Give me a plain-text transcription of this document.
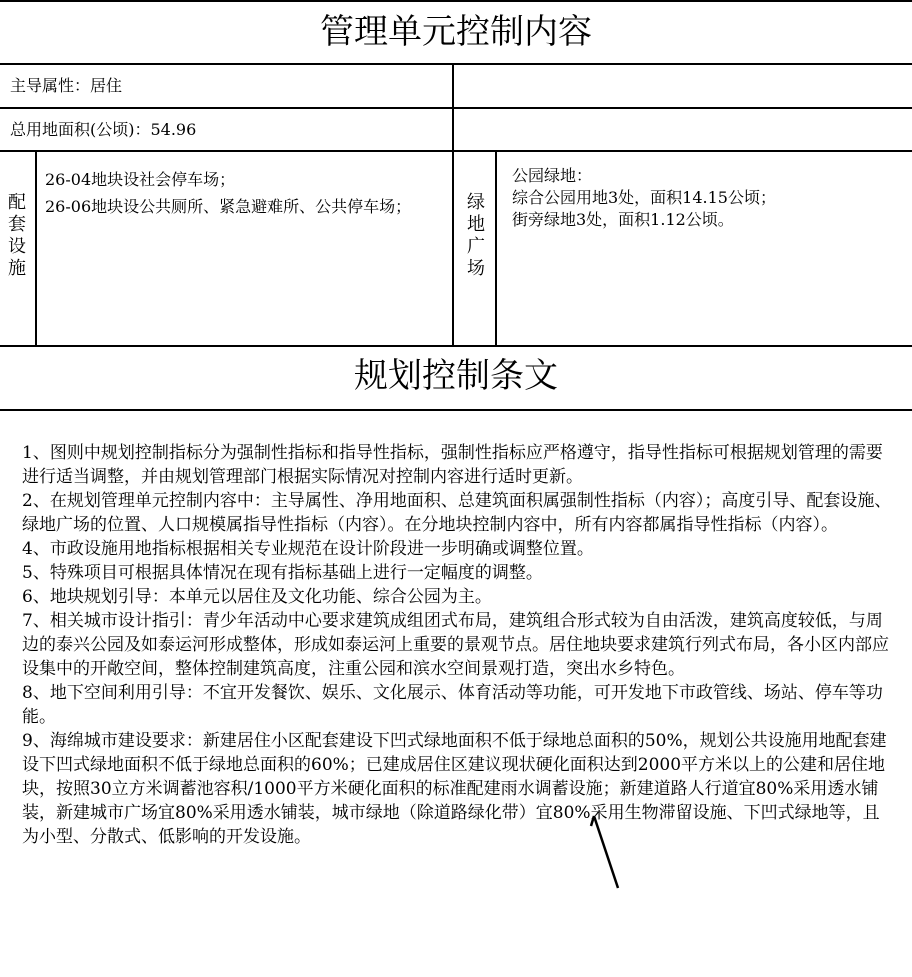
管理单元控制内容
主导属性：居住
总用地面积(公顷)：54.96
配套设施
26-04地块设社会停车场；
26-06地块设公共厕所、紧急避难所、公共停车场；	绿地广场
公园绿地：
综合公园用地3处，面积14.15公顷；
街旁绿地3处，面积1.12公顷。
规划控制条文

1、图则中规划控制指标分为强制性指标和指导性指标，强制性指标应严格遵守，指导性指标可根据规划管理的需要进行适当调整，并由规划管理部门根据实际情况对控制内容进行适时更新。

2、在规划管理单元控制内容中：主导属性、净用地面积、总建筑面积属强制性指标（内容）；高度引导、配套设施、绿地广场的位置、人口规模属指导性指标（内容）。在分地块控制内容中，所有内容都属指导性指标（内容）。

4、市政设施用地指标根据相关专业规范在设计阶段进一步明确或调整位置。

5、特殊项目可根据具体情况在现有指标基础上进行一定幅度的调整。

6、地块规划引导：本单元以居住及文化功能、综合公园为主。

7、相关城市设计指引：青少年活动中心要求建筑成组团式布局，建筑组合形式较为自由活泼，建筑高度较低，与周边的泰兴公园及如泰运河形成整体，形成如泰运河上重要的景观节点。居住地块要求建筑行列式布局，各小区内部应设集中的开敞空间，整体控制建筑高度，注重公园和滨水空间景观打造，突出水乡特色。

8、地下空间利用引导：不宜开发餐饮、娱乐、文化展示、体育活动等功能，可开发地下市政管线、场站、停车等功能。

9、海绵城市建设要求：新建居住小区配套建设下凹式绿地面积不低于绿地总面积的50%，规划公共设施用地配套建设下凹式绿地面积不低于绿地总面积的60%；已建成居住区建议现状硬化面积达到2000平方米以上的公建和居住地块，按照30立方米调蓄池容积/1000平方米硬化面积的标准配建雨水调蓄设施；新建道路人行道宜80%采用透水铺装，新建城市广场宜80%采用透水铺装，城市绿地（除道路绿化带）宜80%采用生物滞留设施、下凹式绿地等，且为小型、分散式、低影响的开发设施。
